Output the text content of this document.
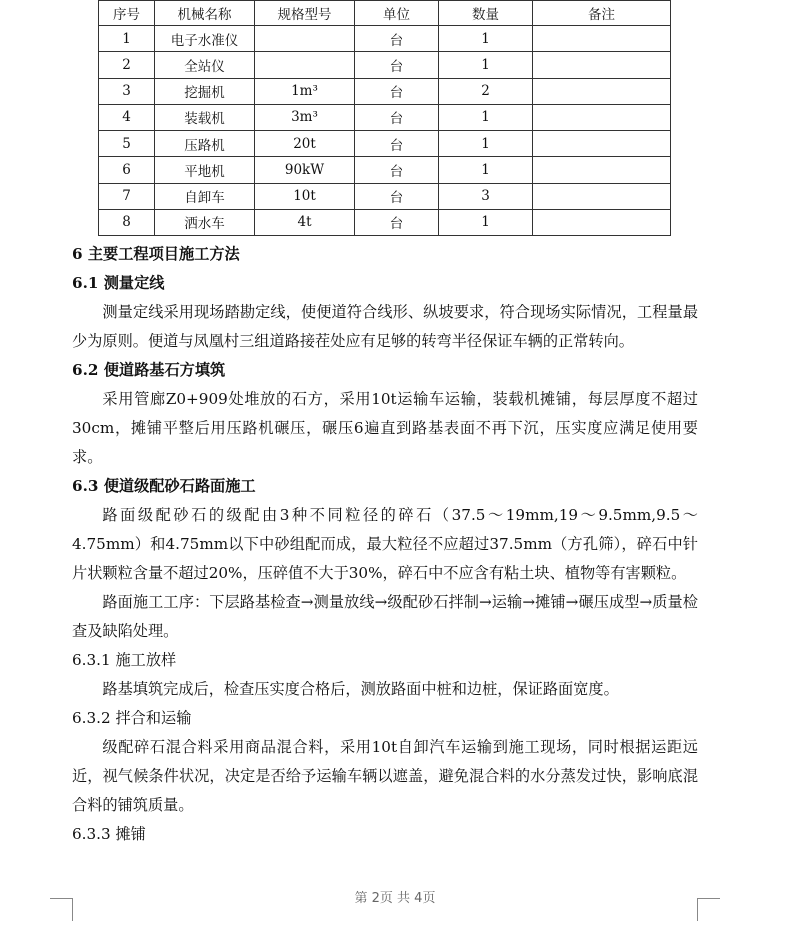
序号	机械名称	规格型号	单位	数量	备注
1	电子水准仪		台	1	
2	全站仪		台	1	
3	挖掘机	1m³	台	2	
4	装载机	3m³	台	1	
5	压路机	20t	台	1	
6	平地机	90kW	台	1	
7	自卸车	10t	台	3	
8	洒水车	4t	台	1	
6 主要工程项目施工方法
6.1 测量定线

测量定线采用现场踏勘定线，使便道符合线形、纵坡要求，符合现场实际情况，工程量最少为原则。便道与凤凰村三组道路接茬处应有足够的转弯半径保证车辆的正常转向。

6.2 便道路基石方填筑

采用管廊Z0+909处堆放的石方，采用10t运输车运输，装载机摊铺，每层厚度不超过30cm，摊铺平整后用压路机碾压，碾压6遍直到路基表面不再下沉，压实度应满足使用要求。

6.3 便道级配砂石路面施工

路面级配砂石的级配由3种不同粒径的碎石（37.5～19mm,19～9.5mm,9.5～4.75mm）和4.75mm以下中砂组配而成，最大粒径不应超过37.5mm（方孔筛），碎石中针片状颗粒含量不超过20%，压碎值不大于30%，碎石中不应含有粘土块、植物等有害颗粒。

路面施工工序：下层路基检查→测量放线→级配砂石拌制→运输→摊铺→碾压成型→质量检查及缺陷处理。

6.3.1 施工放样

路基填筑完成后，检查压实度合格后，测放路面中桩和边桩，保证路面宽度。

6.3.2 拌合和运输

级配碎石混合料采用商品混合料，采用10t自卸汽车运输到施工现场，同时根据运距远近，视气候条件状况，决定是否给予运输车辆以遮盖，避免混合料的水分蒸发过快，影响底混合料的铺筑质量。

6.3.3 摊铺
第 2页 共 4页
